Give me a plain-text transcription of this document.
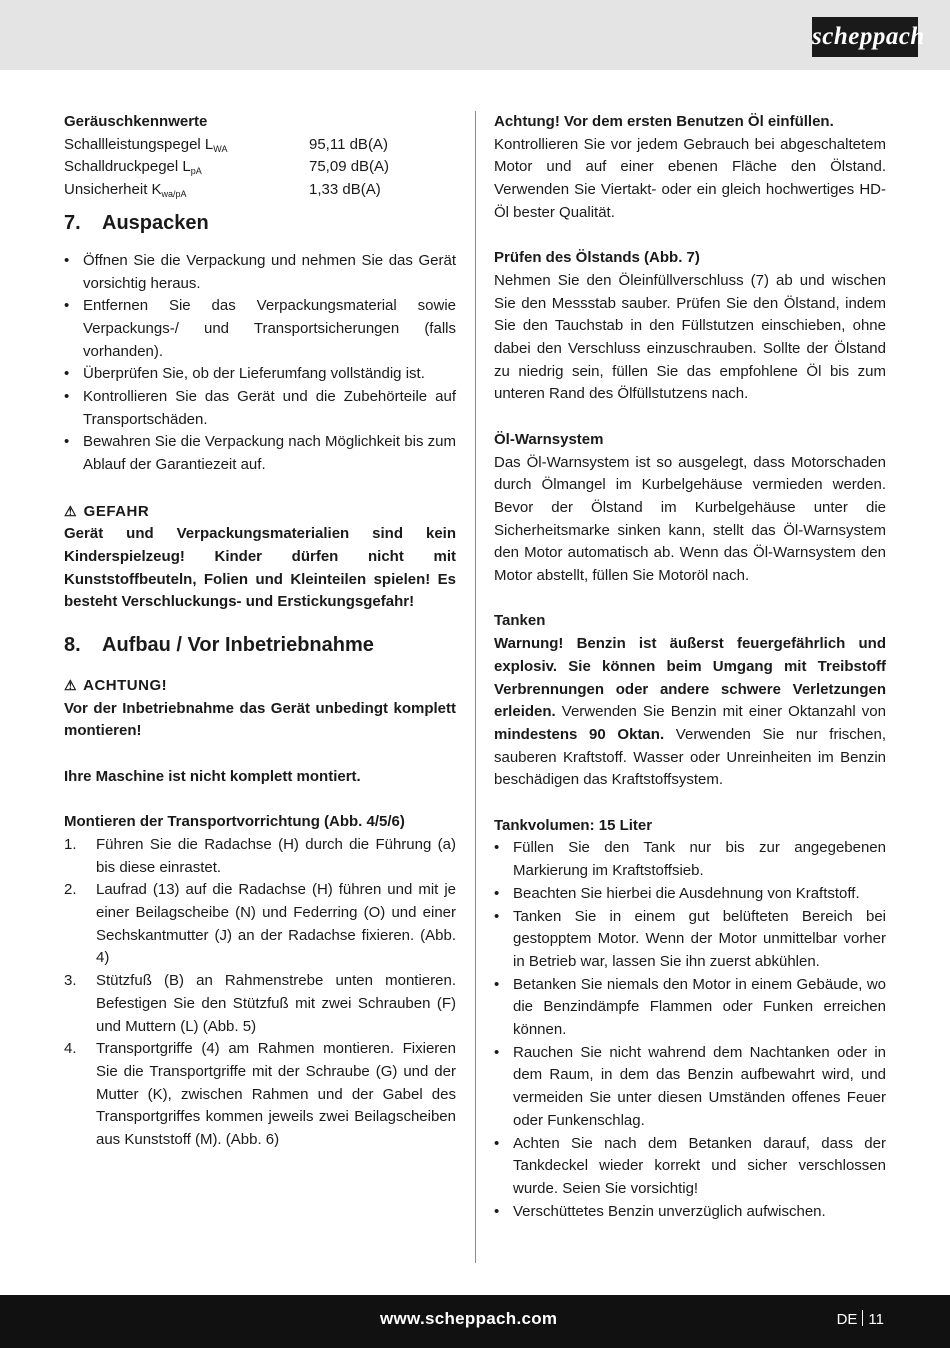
scheppach

Geräuschkennwerte

Schallleistungspegel $L_{WA}$	95,11 dB(A)
Schalldruckpegel $L_{pA}$	75,09 dB(A)
Unsicherheit $K_{wa/pA}$	1,33 dB(A)
7. Auspacken
• Öffnen Sie die Verpackung und nehmen Sie das Gerät vorsichtig heraus.
• Entfernen Sie das Verpackungsmaterial sowie Verpackungs-/ und Transportsicherungen (falls vorhanden).
• Überprüfen Sie, ob der Lieferumfang vollständig ist.
• Kontrollieren Sie das Gerät und die Zubehörteile auf Transportschäden.
• Bewahren Sie die Verpackung nach Möglichkeit bis zum Ablauf der Garantiezeit auf.

⚠ GEFAHR

Gerät und Verpackungsmaterialien sind kein Kinderspielzeug! Kinder dürfen nicht mit Kunststoffbeuteln, Folien und Kleinteilen spielen! Es besteht Verschluckungs- und Erstickungsgefahr!

8. Aufbau / Vor Inbetriebnahme

⚠ ACHTUNG!

Vor der Inbetriebnahme das Gerät unbedingt komplett montieren!

Ihre Maschine ist nicht komplett montiert.

Montieren der Transportvorrichtung (Abb. 4/5/6)

1. Führen Sie die Radachse (H) durch die Führung (a) bis diese einrastet.
2. Laufrad (13) auf die Radachse (H) führen und mit je einer Beilagscheibe (N) und Federring (O) und einer Sechskantmutter (J) an der Radachse fixieren. (Abb. 4)
3. Stützfuß (B) an Rahmenstrebe unten montieren. Befestigen Sie den Stützfuß mit zwei Schrauben (F) und Muttern (L) (Abb. 5)
4. Transportgriffe (4) am Rahmen montieren. Fixieren Sie die Transportgriffe mit der Schraube (G) und der Mutter (K), zwischen Rahmen und der Gabel des Transportgriffes kommen jeweils zwei Beilagscheiben aus Kunststoff (M). (Abb. 6)

Achtung! Vor dem ersten Benutzen Öl einfüllen.

Kontrollieren Sie vor jedem Gebrauch bei abgeschaltetem Motor und auf einer ebenen Fläche den Ölstand. Verwenden Sie Viertakt- oder ein gleich hochwertiges HD-Öl bester Qualität.

Prüfen des Ölstands (Abb. 7)

Nehmen Sie den Öleinfüllverschluss (7) ab und wischen Sie den Messstab sauber. Prüfen Sie den Ölstand, indem Sie den Tauchstab in den Füllstutzen einschieben, ohne dabei den Verschluss einzuschrauben. Sollte der Ölstand zu niedrig sein, füllen Sie das empfohlene Öl bis zum unteren Rand des Ölfüllstutzens nach.

Öl-Warnsystem

Das Öl-Warnsystem ist so ausgelegt, dass Motorschaden durch Ölmangel im Kurbelgehäuse vermieden werden. Bevor der Ölstand im Kurbelgehäuse unter die Sicherheitsmarke sinken kann, stellt das Öl-Warnsystem den Motor automatisch ab. Wenn das Öl-Warnsystem den Motor abstellt, füllen Sie Motoröl nach.

Tanken

Warnung! Benzin ist äußerst feuergefährlich und explosiv. Sie können beim Umgang mit Treibstoff Verbrennungen oder andere schwere Verletzungen erleiden. Verwenden Sie Benzin mit einer Oktanzahl von mindestens 90 Oktan. Verwenden Sie nur frischen, sauberen Kraftstoff. Wasser oder Unreinheiten im Benzin beschädigen das Kraftstoffsystem.

Tankvolumen: 15 Liter

• Füllen Sie den Tank nur bis zur angegebenen Markierung im Kraftstoffsieb.
• Beachten Sie hierbei die Ausdehnung von Kraftstoff.
• Tanken Sie in einem gut belüfteten Bereich bei gestopptem Motor. Wenn der Motor unmittelbar vorher in Betrieb war, lassen Sie ihn zuerst abkühlen.
• Betanken Sie niemals den Motor in einem Gebäude, wo die Benzindämpfe Flammen oder Funken erreichen können.
• Rauchen Sie nicht wahrend dem Nachtanken oder in dem Raum, in dem das Benzin aufbewahrt wird, und vermeiden Sie unter diesen Umständen offenes Feuer oder Funkenschlag.
• Achten Sie nach dem Betanken darauf, dass der Tankdeckel wieder korrekt und sicher verschlossen wurde. Seien Sie vorsichtig!
• Verschüttetes Benzin unverzüglich aufwischen.
www.scheppach.com	DE 11
